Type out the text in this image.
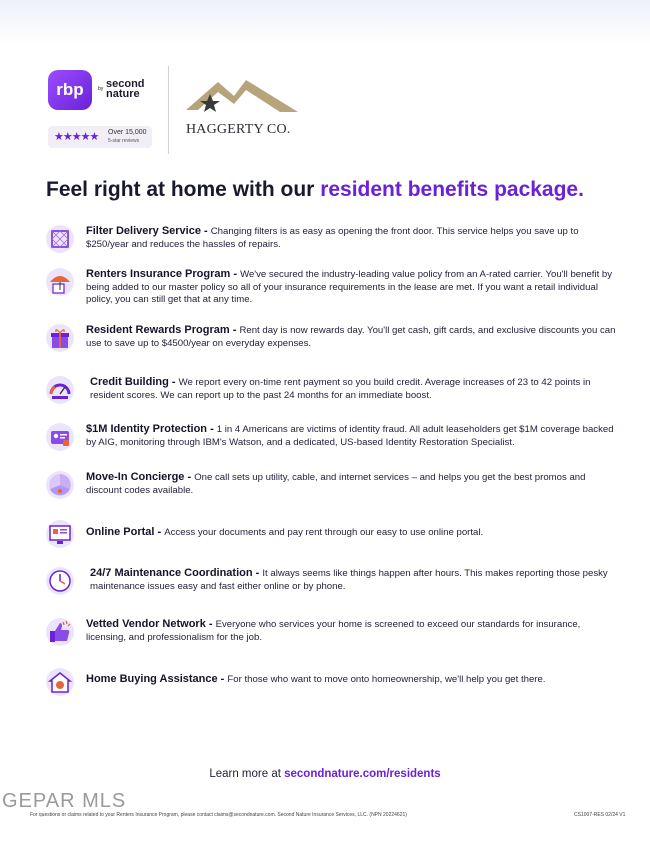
rbp	by second nature
★★★★★ Over 15,000
5-star reviews
HAGGERTY CO.
Feel right at home with our resident benefits package.
Filter Delivery Service - Changing filters is as easy as opening the front door. This service helps you save up to $250/year and reduces the hassles of repairs.
Renters Insurance Program - We've secured the industry-leading value policy from an A-rated carrier. You'll benefit by being added to our master policy so all of your insurance requirements in the lease are met. If you want a retail individual policy, you can still get that at any time.
Resident Rewards Program - Rent day is now rewards day. You'll get cash, gift cards, and exclusive discounts you can use to save up to $4500/year on everyday expenses.
Credit Building - We report every on-time rent payment so you build credit. Average increases of 23 to 42 points in resident scores. We can report up to the past 24 months for an immediate boost.
$1M Identity Protection - 1 in 4 Americans are victims of identity fraud. All adult leaseholders get $1M coverage backed by AIG, monitoring through IBM's Watson, and a dedicated, US-based Identity Restoration Specialist.
Move-In Concierge - One call sets up utility, cable, and internet services – and helps you get the best promos and discount codes available.
Online Portal - Access your documents and pay rent through our easy to use online portal.
24/7 Maintenance Coordination - It always seems like things happen after hours. This makes reporting those pesky maintenance issues easy and fast either online or by phone.
Vetted Vendor Network - Everyone who services your home is screened to exceed our standards for insurance, licensing, and professionalism for the job.
Home Buying Assistance - For those who want to move onto homeownership, we'll help you get there.
Learn more at secondnature.com/residents
GEPAR MLS
For questions or claims related to your Renters Insurance Program, please contact claims@secondnature.com. Second Nature Insurance Services, LLC. (NPN 20224621)	CS1007-RES 02/24 V1
